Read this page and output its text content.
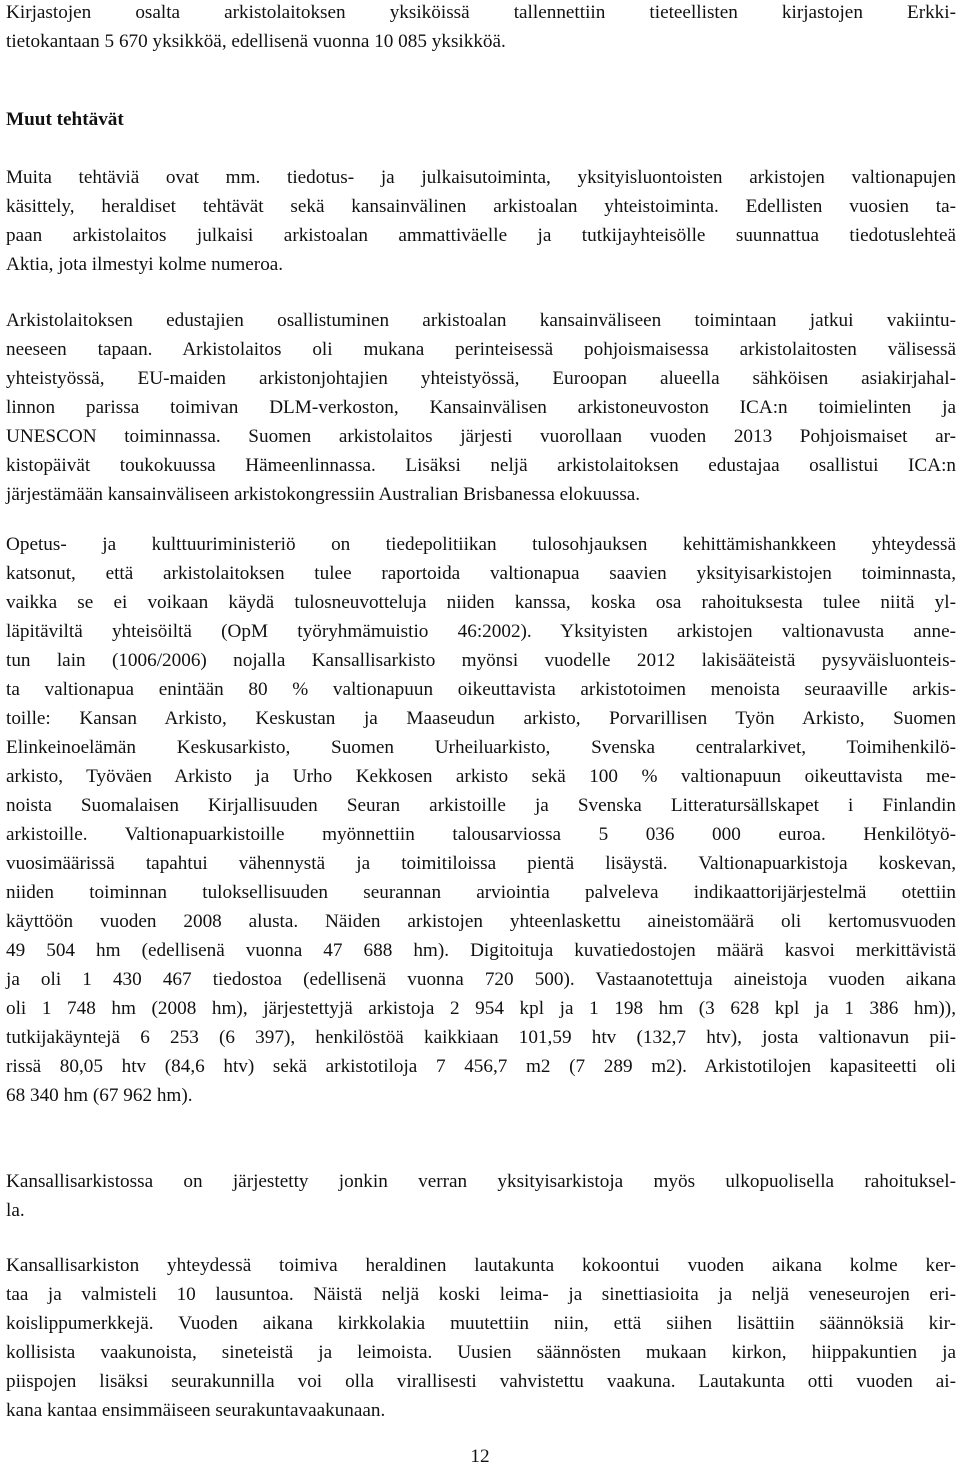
Kirjastojen osalta arkistolaitoksen yksiköissä tallennettiin tieteellisten kirjastojen Erkki-
tietokantaan 5 670 yksikköä, edellisenä vuonna 10 085 yksikköä.
Muut tehtävät
Muita tehtäviä ovat mm. tiedotus- ja julkaisutoiminta, yksityisluontoisten arkistojen valtionapujen
käsittely, heraldiset tehtävät sekä kansainvälinen arkistoalan yhteistoiminta. Edellisten vuosien ta-
paan arkistolaitos julkaisi arkistoalan ammattiväelle ja tutkijayhteisölle suunnattua tiedotuslehteä
Aktia, jota ilmestyi kolme numeroa.
Arkistolaitoksen edustajien osallistuminen arkistoalan kansainväliseen toimintaan jatkui vakiintu-
neeseen tapaan. Arkistolaitos oli mukana perinteisessä pohjoismaisessa arkistolaitosten välisessä
yhteistyössä, EU-maiden arkistonjohtajien yhteistyössä, Euroopan alueella sähköisen asiakirjahal-
linnon parissa toimivan DLM-verkoston, Kansainvälisen arkistoneuvoston ICA:n toimielinten ja
UNESCON toiminnassa. Suomen arkistolaitos järjesti vuorollaan vuoden 2013 Pohjoismaiset ar-
kistopäivät toukokuussa Hämeenlinnassa. Lisäksi neljä arkistolaitoksen edustajaa osallistui ICA:n
järjestämään kansainväliseen arkistokongressiin Australian Brisbanessa elokuussa.
Opetus- ja kulttuuriministeriö on tiedepolitiikan tulosohjauksen kehittämishankkeen yhteydessä
katsonut, että arkistolaitoksen tulee raportoida valtionapua saavien yksityisarkistojen toiminnasta,
vaikka se ei voikaan käydä tulosneuvotteluja niiden kanssa, koska osa rahoituksesta tulee niitä yl-
läpitäviltä yhteisöiltä (OpM työryhmämuistio 46:2002). Yksityisten arkistojen valtionavusta anne-
tun lain (1006/2006) nojalla Kansallisarkisto myönsi vuodelle 2012 lakisääteistä pysyväisluonteis-
ta valtionapua enintään 80 % valtionapuun oikeuttavista arkistotoimen menoista seuraaville arkis-
toille: Kansan Arkisto, Keskustan ja Maaseudun arkisto, Porvarillisen Työn Arkisto, Suomen
Elinkeinoelämän Keskusarkisto, Suomen Urheiluarkisto, Svenska centralarkivet, Toimihenkilö-
arkisto, Työväen Arkisto ja Urho Kekkosen arkisto sekä 100 % valtionapuun oikeuttavista me-
noista Suomalaisen Kirjallisuuden Seuran arkistoille ja Svenska Litteratursällskapet i Finlandin
arkistoille. Valtionapuarkistoille myönnettiin talousarviossa 5 036 000 euroa. Henkilötyö-
vuosimäärissä tapahtui vähennystä ja toimitiloissa pientä lisäystä. Valtionapuarkistoja koskevan,
niiden toiminnan tuloksellisuuden seurannan arviointia palveleva indikaattorijärjestelmä otettiin
käyttöön vuoden 2008 alusta. Näiden arkistojen yhteenlaskettu aineistomäärä oli kertomusvuoden
49 504 hm (edellisenä vuonna 47 688 hm). Digitoituja kuvatiedostojen määrä kasvoi merkittävistä
ja oli 1 430 467 tiedostoa (edellisenä vuonna 720 500). Vastaanotettuja aineistoja vuoden aikana
oli 1 748 hm (2008 hm), järjestettyjä arkistoja 2 954 kpl ja 1 198 hm (3 628 kpl ja 1 386 hm)),
tutkijakäyntejä 6 253 (6 397), henkilöstöä kaikkiaan 101,59 htv (132,7 htv), josta valtionavun pii-
rissä 80,05 htv (84,6 htv) sekä arkistotiloja 7 456,7 m2 (7 289 m2). Arkistotilojen kapasiteetti oli
68 340 hm (67 962 hm).
Kansallisarkistossa on järjestetty jonkin verran yksityisarkistoja myös ulkopuolisella rahoituksel-
la.
Kansallisarkiston yhteydessä toimiva heraldinen lautakunta kokoontui vuoden aikana kolme ker-
taa ja valmisteli 10 lausuntoa. Näistä neljä koski leima- ja sinettiasioita ja neljä veneseurojen eri-
koislippumerkkejä. Vuoden aikana kirkkolakia muutettiin niin, että siihen lisättiin säännöksiä kir-
kollisista vaakunoista, sineteistä ja leimoista. Uusien säännösten mukaan kirkon, hiippakuntien ja
piispojen lisäksi seurakunnilla voi olla virallisesti vahvistettu vaakuna. Lautakunta otti vuoden ai-
kana kantaa ensimmäiseen seurakuntavaakunaan.
12
